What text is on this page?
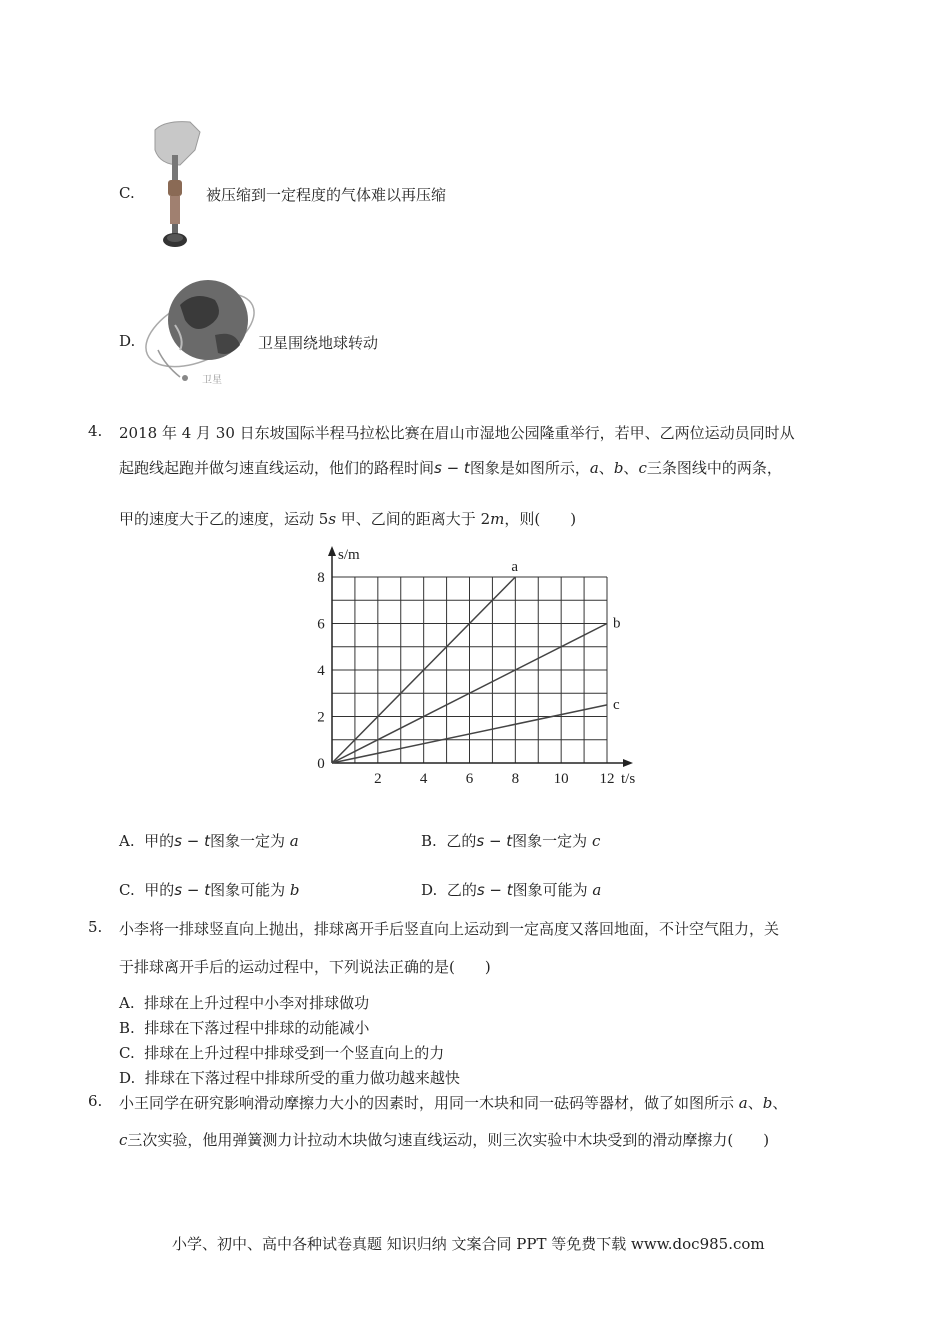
C.	被压缩到一定程度的气体难以再压缩
D.
卫星
卫星围绕地球转动
4. 2018 年 4 月 30 日东坡国际半程马拉松比赛在眉山市湿地公园隆重举行，若甲、乙两位运动员同时从
起跑线起跑并做匀速直线运动，他们的路程时间s − t图象是如图所示，a、b、c三条图线中的两条，
甲的速度大于乙的速度，运动 5s 甲、乙间的距离大于 2m，则(　　)
2	4	6	8 10 12
2
4
6
8
0
s/m
t/s
a
b
c
A. 甲的s − t图象一定为 a	B. 乙的s − t图象一定为 c
C. 甲的s − t图象可能为 b	D. 乙的s − t图象可能为 a
5. 小李将一排球竖直向上抛出，排球离开手后竖直向上运动到一定高度又落回地面，不计空气阻力，关
于排球离开手后的运动过程中，下列说法正确的是(　　)
A. 排球在上升过程中小李对排球做功
B. 排球在下落过程中排球的动能减小
C. 排球在上升过程中排球受到一个竖直向上的力
D. 排球在下落过程中排球所受的重力做功越来越快
6. 小王同学在研究影响滑动摩擦力大小的因素时，用同一木块和同一砝码等器材，做了如图所示 a、b、
c三次实验，他用弹簧测力计拉动木块做匀速直线运动，则三次实验中木块受到的滑动摩擦力(　　)
小学、初中、高中各种试卷真题 知识归纳 文案合同 PPT 等免费下载 www.doc985.com
